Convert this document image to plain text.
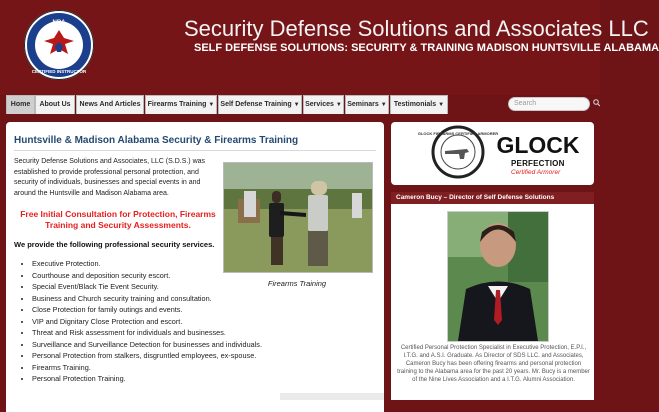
NRA
CERTIFIED INSTRUCTOR
Security Defense Solutions and Associates LLC
SELF DEFENSE SOLUTIONS: SECURITY & TRAINING MADISON HUNTSVILLE ALABAMA
Home	About Us	News And Articles	Firearms Training ▼ Self Defense Training ▼ Services ▼ Seminars ▼	Testimonials ▼	Search
Huntsville & Madison Alabama Security & Firearms Training

Security Defense Solutions and Associates, LLC (S.D.S.) was established to provide professional personal protection, and security of individuals, businesses and special events in and around the Huntsville and Madison Alabama area.

Firearms Training
Free Initial Consultation for Protection, Firearms Training and Security Assessments.
We provide the following professional security services.
• Executive Protection.
• Courthouse and deposition security escort.
• Special Event/Black Tie Event Security.
• Business and Church security training and consultation.
• Close Protection for family outings and events.
• VIP and Dignitary Close Protection and escort.
• Threat and Risk assessment for individuals and businesses.
• Surveillance and Surveillance Detection for businesses and individuals.
• Personal Protection from stalkers, disgruntled employees, ex-spouse.
• Firearms Training.
• Personal Protection Training.
GLOCK FIREARMS CERTIFIED ARMORER
GLOCK
PERFECTION
Certified Armorer
Cameron Bucy – Director of Self Defense Solutions

Certified Personal Protection Specialist in Executive Protection, E.P.I., I.T.G. and A.S.I. Graduate. As Director of SDS LLC. and Associates, Cameron Bucy has been offering firearms and personal protection training to the Alabama area for the past 20 years. Mr. Bucy is a member of the Nine Lives Association and a I.T.G. Alumni Association.
